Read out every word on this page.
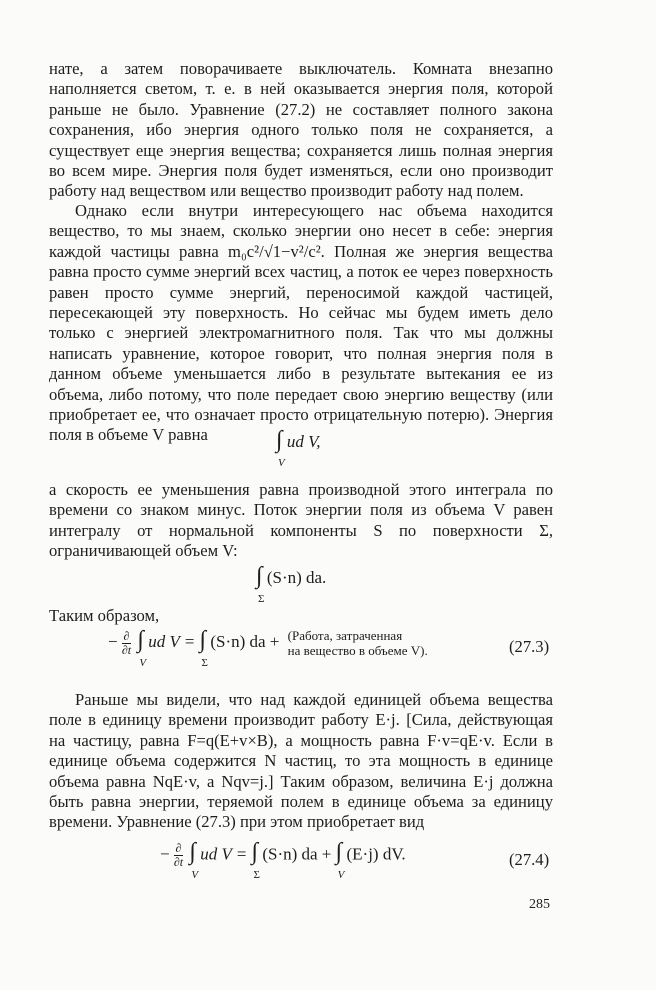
нате, а затем поворачиваете выключатель. Комната внезапно наполняется светом, т. е. в ней оказывается энергия поля, которой раньше не было. Уравнение (27.2) не составляет полного закона сохранения, ибо энергия одного только поля не сохраняется, а существует еще энергия вещества; сохраняется лишь полная энергия во всем мире. Энергия поля будет изменяться, если оно производит работу над веществом или вещество производит работу над полем.
Однако если внутри интересующего нас объема находится вещество, то мы знаем, сколько энергии оно несет в себе: энергия каждой частицы равна m₀c²/√1−v²/c². Полная же энергия вещества равна просто сумме энергий всех частиц, а поток ее через поверхность равен просто сумме энергий, переносимой каждой частицей, пересекающей эту поверхность. Но сейчас мы будем иметь дело только с энергией электромагнитного поля. Так что мы должны написать уравнение, которое говорит, что полная энергия поля в данном объеме уменьшается либо в результате вытекания ее из объема, либо потому, что поле передает свою энергию веществу (или приобретает ее, что означает просто отрицательную потерю). Энергия поля в объеме V равна	∫
V
ud V,
а скорость ее уменьшения равна производной этого интеграла по времени со знаком минус. Поток энергии поля из объема V равен интегралу от нормальной компоненты S по поверхности Σ, ограничивающей объем V:
∫
Σ
(S·n) da.
Таким образом,
− $\frac{\partial}{\partial t}$ ∫
V
ud V = ∫
Σ
(S·n) da + (Работа, затраченная
на вещество в объеме V).	(27.3)
Раньше мы видели, что над каждой единицей объема вещества поле в единицу времени производит работу E·j. [Сила, действующая на частицу, равна F=q(E+v×B), а мощность равна F·v=qE·v. Если в единице объема содержится N частиц, то эта мощность в единице объема равна NqE·v, а Nqv=j.] Таким образом, величина E·j должна быть равна энергии, теряемой полем в единице объема за единицу времени. Уравнение (27.3) при этом приобретает вид
− $\frac{\partial}{\partial t}$ ∫
V
ud V = ∫
Σ
(S·n) da + ∫
V
(E·j) dV.	(27.4)
285
